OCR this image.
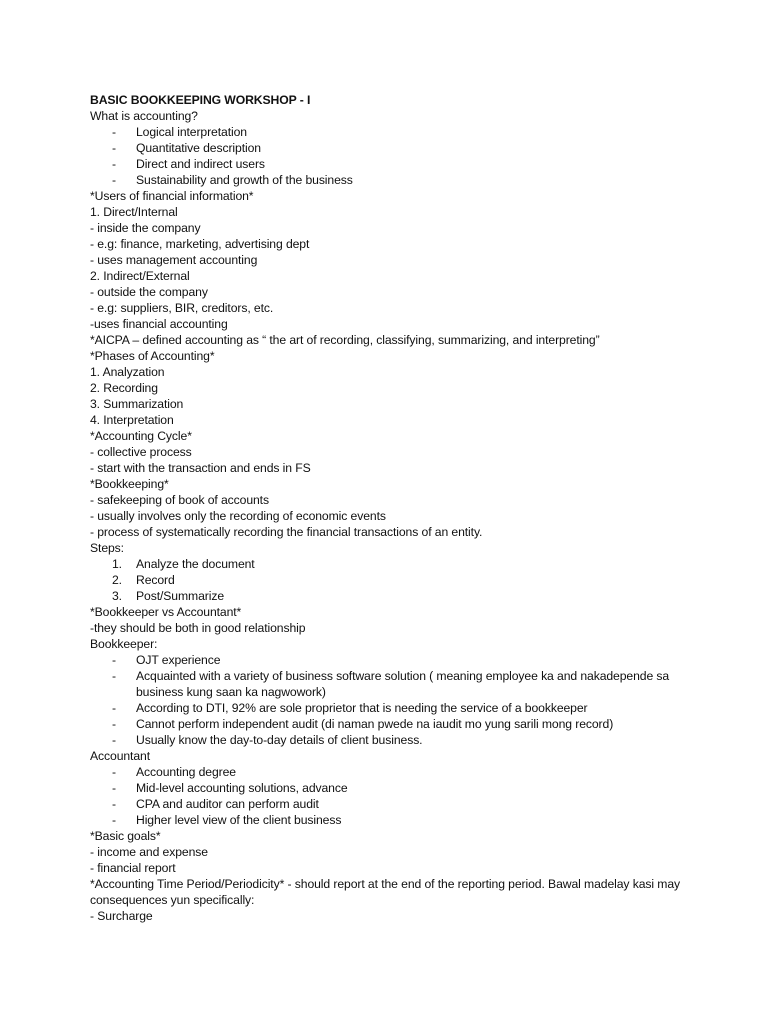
BASIC BOOKKEEPING WORKSHOP - I
What is accounting?
- Logical interpretation
- Quantitative description
- Direct and indirect users
- Sustainability and growth of the business
*Users of financial information*
1. Direct/Internal
- inside the company
- e.g: finance, marketing, advertising dept
- uses management accounting
2. Indirect/External
- outside the company
- e.g: suppliers, BIR, creditors, etc.
-uses financial accounting
*AICPA – defined accounting as “ the art of recording, classifying, summarizing, and interpreting”
*Phases of Accounting*
1. Analyzation
2. Recording
3. Summarization
4. Interpretation
*Accounting Cycle*
- collective process
- start with the transaction and ends in FS
*Bookkeeping*
- safekeeping of book of accounts
- usually involves only the recording of economic events
- process of systematically recording the financial transactions of an entity.
Steps:
1. Analyze the document
2. Record
3. Post/Summarize
*Bookkeeper vs Accountant*
-they should be both in good relationship
Bookkeeper:
- OJT experience
- Acquainted with a variety of business software solution ( meaning employee ka and nakadepende sa business kung saan ka nagwowork)
- According to DTI, 92% are sole proprietor that is needing the service of a bookkeeper
- Cannot perform independent audit (di naman pwede na iaudit mo yung sarili mong record)
- Usually know the day-to-day details of client business.
Accountant
- Accounting degree
- Mid-level accounting solutions, advance
- CPA and auditor can perform audit
- Higher level view of the client business
*Basic goals*
- income and expense
- financial report
*Accounting Time Period/Periodicity* - should report at the end of the reporting period. Bawal madelay kasi may consequences yun specifically:
- Surcharge
